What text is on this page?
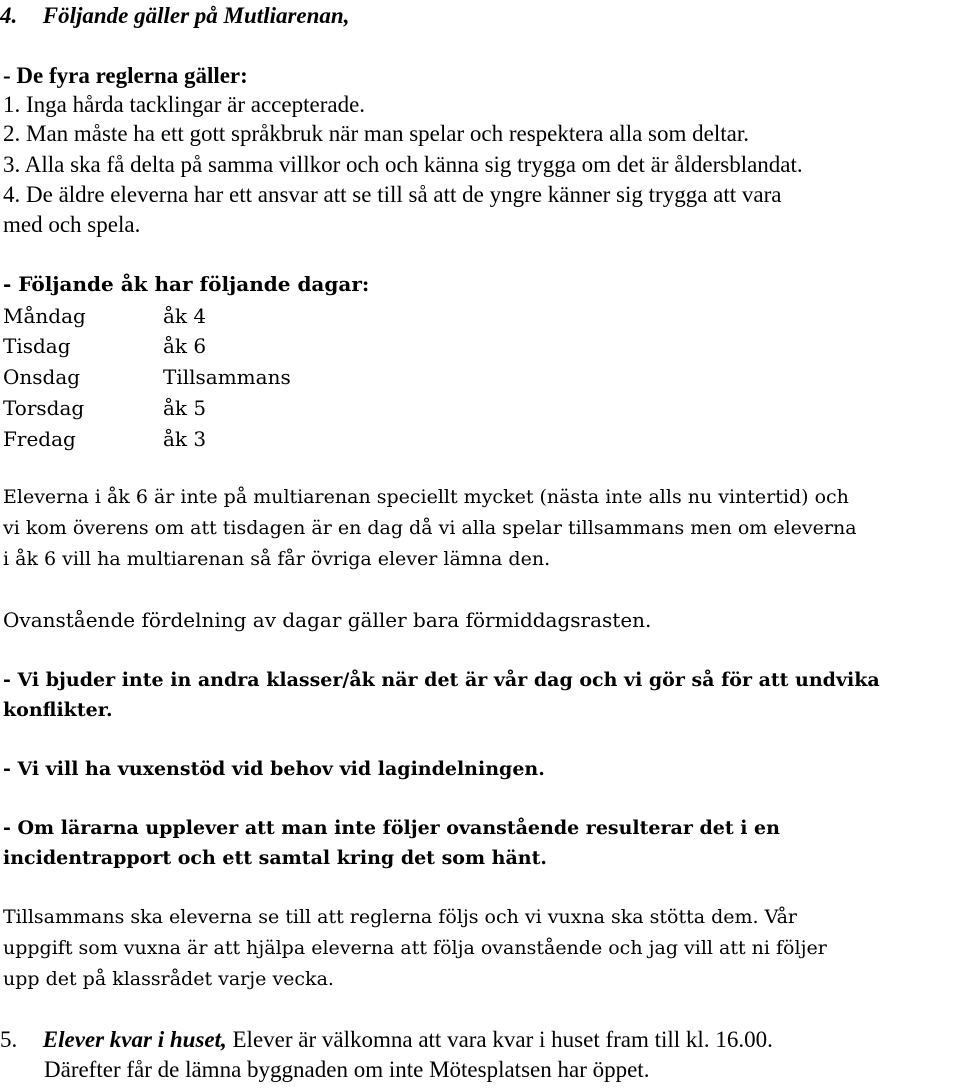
4. Följande gäller på Mutliarenan,
- De fyra reglerna gäller:
1. Inga hårda tacklingar är accepterade.
2. Man måste ha ett gott språkbruk när man spelar och respektera alla som deltar.
3. Alla ska få delta på samma villkor och och känna sig trygga om det är åldersblandat.
4. De äldre eleverna har ett ansvar att se till så att de yngre känner sig trygga att vara
med och spela.
- Följande åk har följande dagar:
Måndag	åk 4
Tisdag	åk 6
Onsdag	Tillsammans
Torsdag	åk 5
Fredag	åk 3
Eleverna i åk 6 är inte på multiarenan speciellt mycket (nästa inte alls nu vintertid) och
vi kom överens om att tisdagen är en dag då vi alla spelar tillsammans men om eleverna
i åk 6 vill ha multiarenan så får övriga elever lämna den.
Ovanstående fördelning av dagar gäller bara förmiddagsrasten.
- Vi bjuder inte in andra klasser/åk när det är vår dag och vi gör så för att undvika
konflikter.
- Vi vill ha vuxenstöd vid behov vid lagindelningen.
- Om lärarna upplever att man inte följer ovanstående resulterar det i en
incidentrapport och ett samtal kring det som hänt.
Tillsammans ska eleverna se till att reglerna följs och vi vuxna ska stötta dem. Vår
uppgift som vuxna är att hjälpa eleverna att följa ovanstående och jag vill att ni följer
upp det på klassrådet varje vecka.
5. Elever kvar i huset, Elever är välkomna att vara kvar i huset fram till kl. 16.00.
Därefter får de lämna byggnaden om inte Mötesplatsen har öppet.
